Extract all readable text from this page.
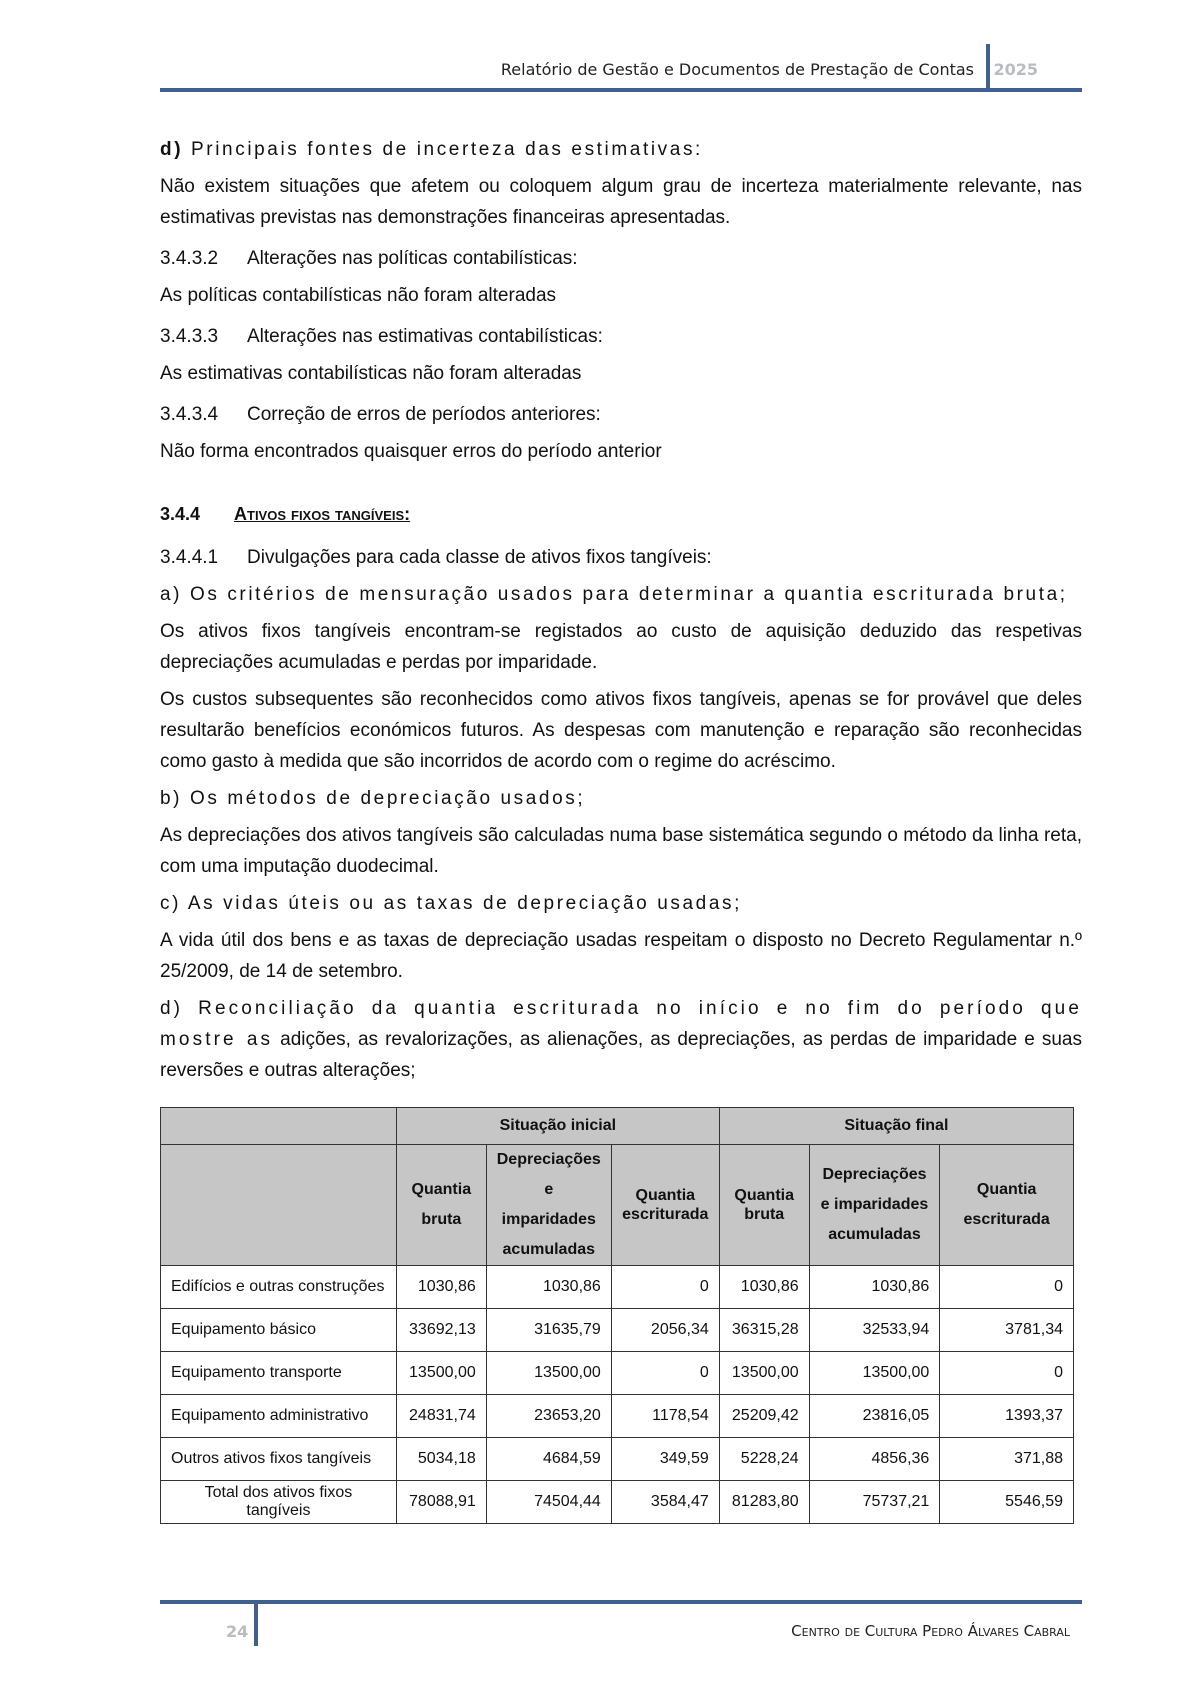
Relatório de Gestão e Documentos de Prestação de Contas 2025

d) Principais fontes de incerteza das estimativas:

Não existem situações que afetem ou coloquem algum grau de incerteza materialmente relevante, nas estimativas previstas nas demonstrações financeiras apresentadas.

3.4.3.2 Alterações nas políticas contabilísticas:

As políticas contabilísticas não foram alteradas

3.4.3.3 Alterações nas estimativas contabilísticas:

As estimativas contabilísticas não foram alteradas

3.4.3.4 Correção de erros de períodos anteriores:

Não forma encontrados quaisquer erros do período anterior

3.4.4 Ativos fixos tangíveis:

3.4.4.1 Divulgações para cada classe de ativos fixos tangíveis:

a) Os critérios de mensuração usados para determinar a quantia escriturada bruta;

Os ativos fixos tangíveis encontram-se registados ao custo de aquisição deduzido das respetivas depreciações acumuladas e perdas por imparidade.

Os custos subsequentes são reconhecidos como ativos fixos tangíveis, apenas se for provável que deles resultarão benefícios económicos futuros. As despesas com manutenção e reparação são reconhecidas como gasto à medida que são incorridos de acordo com o regime do acréscimo.

b) Os métodos de depreciação usados;

As depreciações dos ativos tangíveis são calculadas numa base sistemática segundo o método da linha reta, com uma imputação duodecimal.

c) As vidas úteis ou as taxas de depreciação usadas;

A vida útil dos bens e as taxas de depreciação usadas respeitam o disposto no Decreto Regulamentar n.º 25/2009, de 14 de setembro.

d) Reconciliação da quantia escriturada no início e no fim do período que mostre as adições, as revalorizações, as alienações, as depreciações, as perdas de imparidade e suas reversões e outras alterações;

	Situação inicial			Situação final		
	Quantia bruta	Depreciações e imparidades acumuladas	Quantia escriturada	Quantia bruta	Depreciações e imparidades acumuladas	Quantia escriturada
Edifícios e outras construções	1030,86	1030,86	0	1030,86	1030,86	0
Equipamento básico	33692,13	31635,79	2056,34	36315,28	32533,94	3781,34
Equipamento transporte	13500,00	13500,00	0	13500,00	13500,00	0
Equipamento administrativo	24831,74	23653,20	1178,54	25209,42	23816,05	1393,37
Outros ativos fixos tangíveis	5034,18	4684,59	349,59	5228,24	4856,36	371,88
Total dos ativos fixos tangíveis	78088,91	74504,44	3584,47	81283,80	75737,21	5546,59
24	Centro de Cultura Pedro Álvares Cabral
